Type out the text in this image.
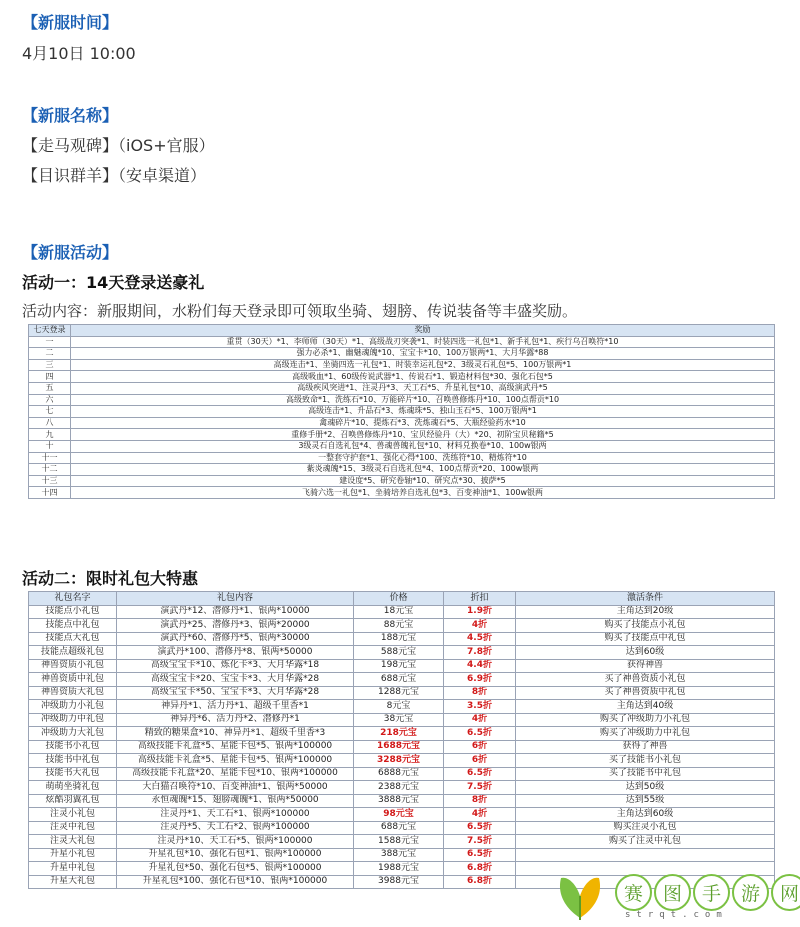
【新服时间】
4月10日 10:00
【新服名称】
【走马观碑】（iOS+官服）
【目识群羊】（安卓渠道）
【新服活动】
活动一：14天登录送豪礼
活动内容：新服期间，水粉们每天登录即可领取坐骑、翅膀、传说装备等丰盛奖励。
七天登录	奖励
一	重贯（30天）*1、李师师（30天）*1、高级战刃突袭*1、时装四选一礼包*1、新手礼包*1、疾行乌召唤符*10
二	强力必杀*1、幽魅魂魄*10、宝宝卡*10、100万银两*1、大月华露*88
三	高级连击*1、坐骑四选一礼包*1、时装幸运礼包*2、3级灵石礼包*5、100万银两*1
四	高级吸血*1、60级传说武器*1、传说石*1、锻造材料包*30、强化石包*5
五	高级疾风突进*1、注灵丹*3、天工石*5、升星礼包*10、高级演武丹*5
六	高级致命*1、洗练石*10、万能碎片*10、召唤兽修炼丹*10、100点帮贡*10
七	高级连击*1、升品石*3、炼魂珠*5、独山玉石*5、100万银两*1
八	禽魂碎片*10、提炼石*3、洗炼魂石*5、大瓶经验药水*10
九	重修手册*2、召唤兽修炼丹*10、宝贝经验丹（大）*20、初阶宝贝秘籍*5
十	3级灵石自选礼包*4、兽魂兽魄礼包*10、材料兑换卷*10、100w银两
十一	一整套守护套*1、强化心得*100、洗练符*10、精炼符*10
十二	紫炎魂魄*15、3级灵石自选礼包*4、100点帮贡*20、100w银两
十三	建设度*5、研究卷轴*10、研究点*30、披萨*5
十四	飞骑六选一礼包*1、坐骑培养自选礼包*3、百变神油*1、100w银两
活动二：限时礼包大特惠
礼包名字	礼包内容	价格	折扣	激活条件
技能点小礼包	演武丹*12、潜修丹*1、银两*10000	18元宝	1.9折	主角达到20级
技能点中礼包	演武丹*25、潜修丹*3、银两*20000	88元宝	4折	购买了技能点小礼包
技能点大礼包	演武丹*60、潜修丹*5、银两*30000	188元宝	4.5折	购买了技能点中礼包
技能点超级礼包	演武丹*100、潜修丹*8、银两*50000	588元宝	7.8折	达到60级
神兽资质小礼包	高级宝宝卡*10、炼化卡*3、大月华露*18	198元宝	4.4折	获得神兽
神兽资质中礼包	高级宝宝卡*20、宝宝卡*3、大月华露*28	688元宝	6.9折	买了神兽资质小礼包
神兽资质大礼包	高级宝宝卡*50、宝宝卡*3、大月华露*28	1288元宝	8折	买了神兽资质中礼包
冲级助力小礼包	神异丹*1、活力丹*1、超级千里香*1	8元宝	3.5折	主角达到40级
冲级助力中礼包	神异丹*6、活力丹*2、潜修丹*1	38元宝	4折	购买了冲级助力小礼包
冲级助力大礼包	精致的糖果盒*10、神异丹*1、超级千里香*3	218元宝	6.5折	购买了冲级助力中礼包
技能书小礼包	高级技能卡礼盒*5、星能卡包*5、银两*100000	1688元宝	6折	获得了神兽
技能书中礼包	高级技能卡礼盒*5、星能卡包*5、银两*100000	3288元宝	6折	买了技能书小礼包
技能书大礼包	高级技能卡礼盒*20、星能卡包*10、银两*100000	6888元宝	6.5折	买了技能书中礼包
萌萌坐骑礼包	大白猫召唤符*10、百变神油*1、银两*50000	2388元宝	7.5折	达到50级
炫酷羽翼礼包	永恒魂魄*15、翅膀魂魄*1、银两*50000	3888元宝	8折	达到55级
注灵小礼包	注灵丹*1、天工石*1、银两*100000	98元宝	4折	主角达到60级
注灵中礼包	注灵丹*5、天工石*2、银两*100000	688元宝	6.5折	购买注灵小礼包
注灵大礼包	注灵丹*10、天工石*5、银两*100000	1588元宝	7.5折	购买了注灵中礼包
升星小礼包	升星礼包*10、强化石包*1、银两*100000	388元宝	6.5折	
升星中礼包	升星礼包*50、强化石包*5、银两*100000	1988元宝	6.8折	
升星大礼包	升星礼包*100、强化石包*10、银两*100000	3988元宝	6.8折	
赛	图	手	游	网
strqt.com
